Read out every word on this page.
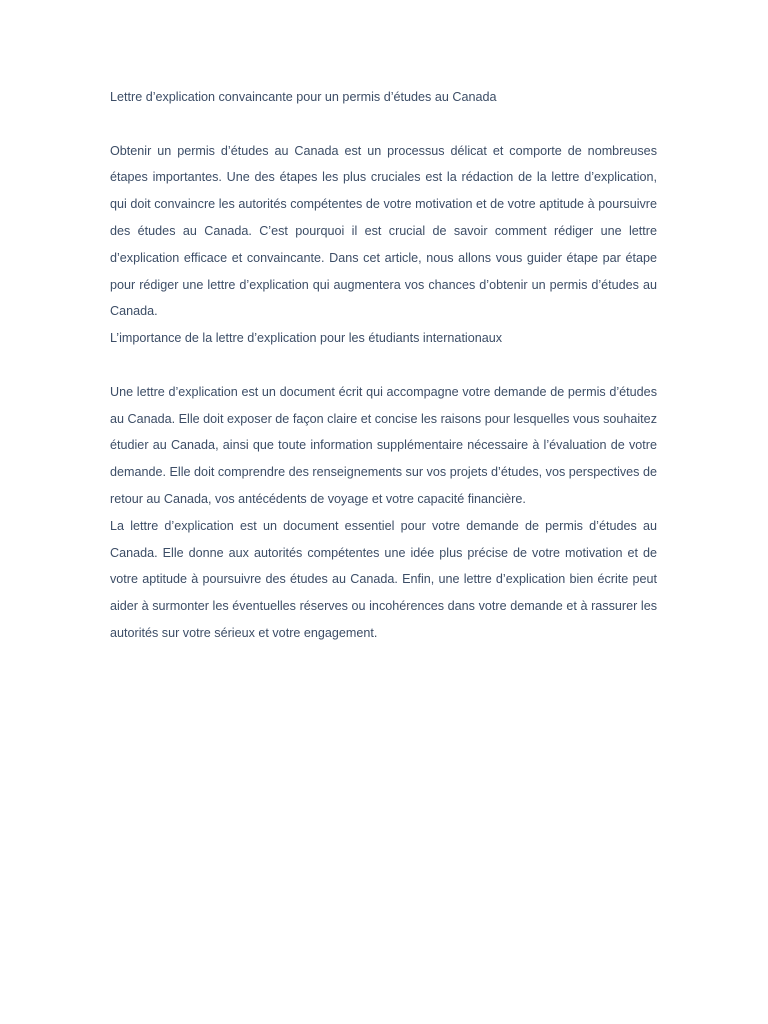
Lettre d’explication convaincante pour un permis d’études au Canada

Obtenir un permis d’études au Canada est un processus délicat et comporte de nombreuses étapes importantes. Une des étapes les plus cruciales est la rédaction de la lettre d’explication, qui doit convaincre les autorités compétentes de votre motivation et de votre aptitude à poursuivre des études au Canada. C’est pourquoi il est crucial de savoir comment rédiger une lettre d’explication efficace et convaincante. Dans cet article, nous allons vous guider étape par étape pour rédiger une lettre d’explication qui augmentera vos chances d’obtenir un permis d’études au Canada.

L’importance de la lettre d’explication pour les étudiants internationaux

Une lettre d’explication est un document écrit qui accompagne votre demande de permis d’études au Canada. Elle doit exposer de façon claire et concise les raisons pour lesquelles vous souhaitez étudier au Canada, ainsi que toute information supplémentaire nécessaire à l’évaluation de votre demande. Elle doit comprendre des renseignements sur vos projets d’études, vos perspectives de retour au Canada, vos antécédents de voyage et votre capacité financière.

La lettre d’explication est un document essentiel pour votre demande de permis d’études au Canada. Elle donne aux autorités compétentes une idée plus précise de votre motivation et de votre aptitude à poursuivre des études au Canada. Enfin, une lettre d’explication bien écrite peut aider à surmonter les éventuelles réserves ou incohérences dans votre demande et à rassurer les autorités sur votre sérieux et votre engagement.
